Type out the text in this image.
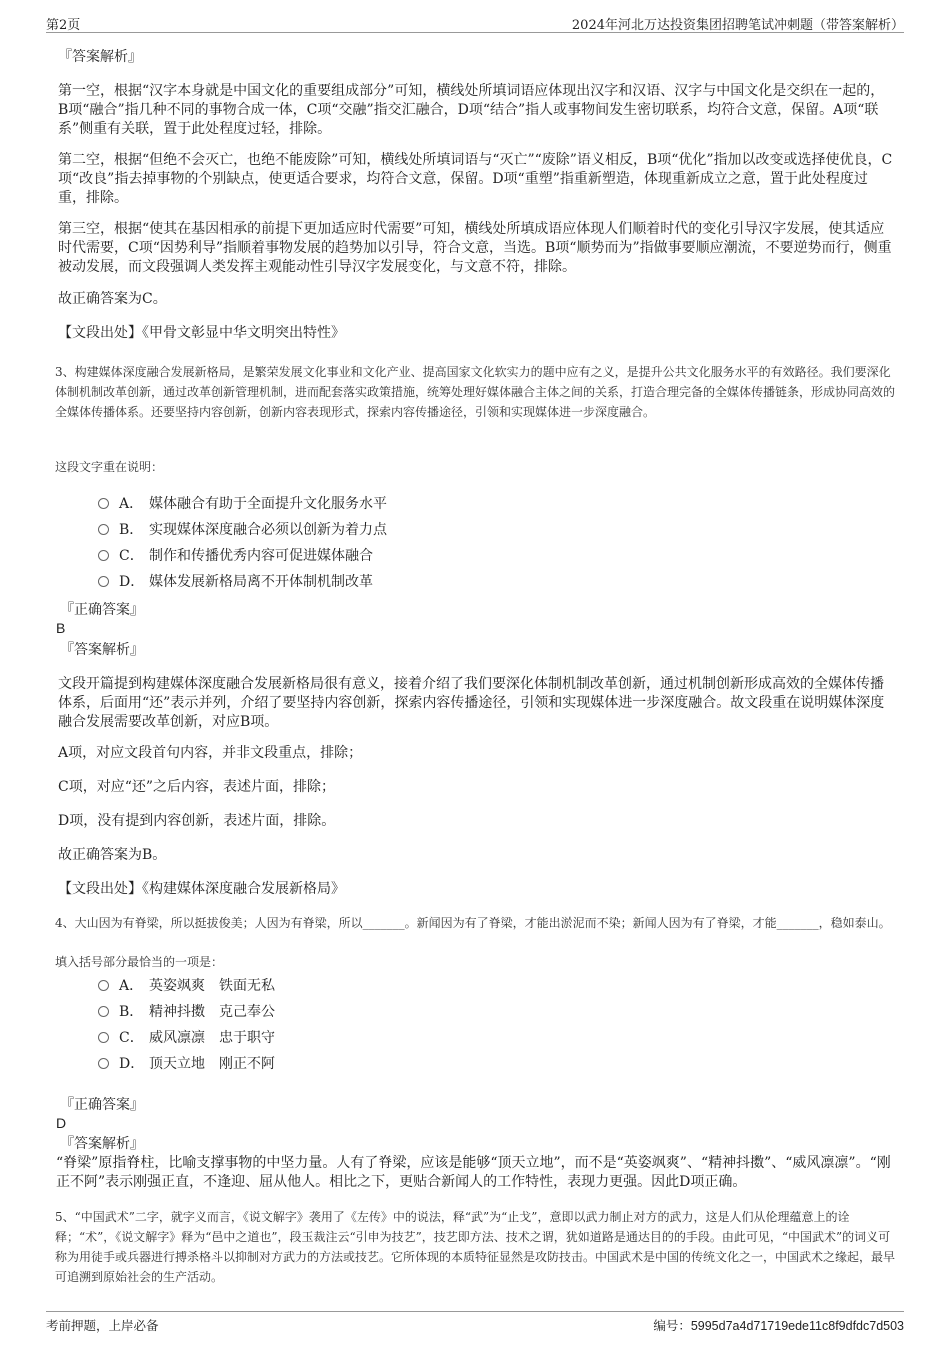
第2页	2024年河北万达投资集团招聘笔试冲刺题（带答案解析）
『答案解析』
第一空，根据“汉字本身就是中国文化的重要组成部分”可知，横线处所填词语应体现出汉字和汉语、汉字与中国文化是交织在一起的，B项“融合”指几种不同的事物合成一体，C项“交融”指交汇融合，D项“结合”指人或事物间发生密切联系，均符合文意，保留。A项“联系”侧重有关联，置于此处程度过轻，排除。
第二空，根据“但绝不会灭亡，也绝不能废除”可知，横线处所填词语与“灭亡”“废除”语义相反，B项“优化”指加以改变或选择使优良，C项“改良”指去掉事物的个别缺点，使更适合要求，均符合文意，保留。D项“重塑”指重新塑造，体现重新成立之意，置于此处程度过重，排除。
第三空，根据“使其在基因相承的前提下更加适应时代需要”可知，横线处所填成语应体现人们顺着时代的变化引导汉字发展，使其适应时代需要，C项“因势利导”指顺着事物发展的趋势加以引导，符合文意，当选。B项“顺势而为”指做事要顺应潮流，不要逆势而行，侧重被动发展，而文段强调人类发挥主观能动性引导汉字发展变化，与文意不符，排除。
故正确答案为C。
【文段出处】《甲骨文彰显中华文明突出特性》
3、构建媒体深度融合发展新格局，是繁荣发展文化事业和文化产业、提高国家文化软实力的题中应有之义，是提升公共文化服务水平的有效路径。我们要深化体制机制改革创新，通过改革创新管理机制，进而配套落实政策措施，统筹处理好媒体融合主体之间的关系，打造合理完备的全媒体传播链条，形成协同高效的全媒体传播体系。还要坚持内容创新，创新内容表现形式，探索内容传播途径，引领和实现媒体进一步深度融合。
这段文字重在说明：
A． 媒体融合有助于全面提升文化服务水平
B． 实现媒体深度融合必须以创新为着力点
C． 制作和传播优秀内容可促进媒体融合
D． 媒体发展新格局离不开体制机制改革
『正确答案』
B
『答案解析』
文段开篇提到构建媒体深度融合发展新格局很有意义，接着介绍了我们要深化体制机制改革创新，通过机制创新形成高效的全媒体传播体系，后面用“还”表示并列，介绍了要坚持内容创新，探索内容传播途径，引领和实现媒体进一步深度融合。故文段重在说明媒体深度融合发展需要改革创新，对应B项。
A项，对应文段首句内容，并非文段重点，排除；
C项，对应“还”之后内容，表述片面，排除；
D项，没有提到内容创新，表述片面，排除。
故正确答案为B。
【文段出处】《构建媒体深度融合发展新格局》
4、大山因为有脊梁，所以挺拔俊美；人因为有脊梁，所以_______。新闻因为有了脊梁，才能出淤泥而不染；新闻人因为有了脊梁，才能_______，稳如泰山。
填入括号部分最恰当的一项是：
A． 英姿飒爽 铁面无私
B． 精神抖擞 克己奉公
C． 威风凛凛 忠于职守
D． 顶天立地 刚正不阿
『正确答案』
D
『答案解析』
“脊梁”原指脊柱，比喻支撑事物的中坚力量。人有了脊梁，应该是能够“顶天立地”，而不是“英姿飒爽”、“精神抖擞”、“威风凛凛”。“刚正不阿”表示刚强正直，不逢迎、屈从他人。相比之下，更贴合新闻人的工作特性，表现力更强。因此D项正确。
5、“中国武术”二字，就字义而言，《说文解字》袭用了《左传》中的说法，释“武”为“止戈”，意即以武力制止对方的武力，这是人们从伦理蕴意上的诠释；“术”，《说文解字》释为“邑中之道也”，段玉裁注云“引申为技艺”，技艺即方法、技术之谓，犹如道路是通达目的的手段。由此可见，“中国武术”的词义可称为用徒手或兵器进行搏杀格斗以抑制对方武力的方法或技艺。它所体现的本质特征显然是攻防技击。中国武术是中国的传统文化之一，中国武术之缘起，最早可追溯到原始社会的生产活动。
考前押题，上岸必备	编号：5995d7a4d71719ede11c8f9dfdc7d503
